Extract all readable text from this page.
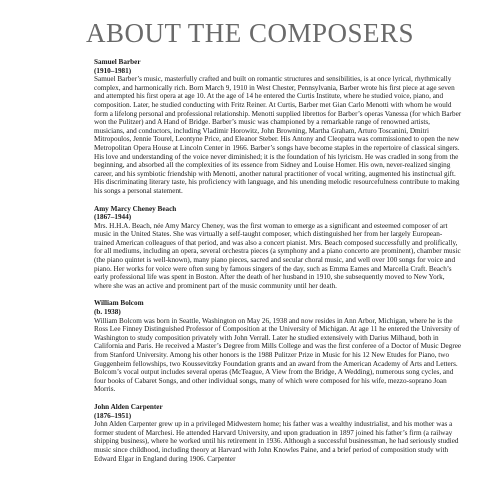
ABOUT THE COMPOSERS

Samuel Barber

(1910–1981)

Samuel Barber’s music, masterfully crafted and built on romantic structures and sensibilities, is at once lyrical, rhythmically complex, and harmonically rich. Born March 9, 1910 in West Chester, Pennsylvania, Barber wrote his first piece at age seven and attempted his first opera at age 10. At the age of 14 he entered the Curtis Institute, where he studied voice, piano, and composition. Later, he studied conducting with Fritz Reiner. At Curtis, Barber met Gian Carlo Menotti with whom he would form a lifelong personal and professional relationship. Menotti supplied librettos for Barber’s operas Vanessa (for which Barber won the Pulitzer) and A Hand of Bridge. Barber’s music was championed by a remarkable range of renowned artists, musicians, and conductors, including Vladimir Horowitz, John Browning, Martha Graham, Arturo Toscanini, Dmitri Mitropoulos, Jennie Tourel, Leontyne Price, and Eleanor Steber. His Antony and Cleopatra was commissioned to open the new Metropolitan Opera House at Lincoln Center in 1966. Barber’s songs have become staples in the repertoire of classical singers. His love and understanding of the voice never diminished; it is the foundation of his lyricism. He was cradled in song from the beginning, and absorbed all the complexities of its essence from Sidney and Louise Homer. His own, never-realized singing career, and his symbiotic friendship with Menotti, another natural practitioner of vocal writing, augmented his instinctual gift. His discriminating literary taste, his proficiency with language, and his unending melodic resourcefulness contribute to making his songs a personal statement.

Amy Marcy Cheney Beach

(1867–1944)

Mrs. H.H.A. Beach, née Amy Marcy Cheney, was the first woman to emerge as a significant and esteemed composer of art music in the United States. She was virtually a self-taught composer, which distinguished her from her largely European-trained American colleagues of that period, and was also a concert pianist. Mrs. Beach composed successfully and prolifically, for all mediums, including an opera, several orchestra pieces (a symphony and a piano concerto are prominent), chamber music (the piano quintet is well-known), many piano pieces, sacred and secular choral music, and well over 100 songs for voice and piano. Her works for voice were often sung by famous singers of the day, such as Emma Eames and Marcella Craft. Beach’s early professional life was spent in Boston. After the death of her husband in 1910, she subsequently moved to New York, where she was an active and prominent part of the music community until her death.

William Bolcom

(b. 1938)

William Bolcom was born in Seattle, Washington on May 26, 1938 and now resides in Ann Arbor, Michigan, where he is the Ross Lee Finney Distinguished Professor of Composition at the University of Michigan. At age 11 he entered the University of Washington to study composition privately with John Verrall. Later he studied extensively with Darius Milhaud, both in California and Paris. He received a Master’s Degree from Mills College and was the first conferee of a Doctor of Music Degree from Stanford University. Among his other honors is the 1988 Pulitzer Prize in Music for his 12 New Etudes for Piano, two Guggenheim fellowships, two Koussevitzky Foundation grants and an award from the American Academy of Arts and Letters. Bolcom’s vocal output includes several operas (McTeague, A View from the Bridge, A Wedding), numerous song cycles, and four books of Cabaret Songs, and other individual songs, many of which were composed for his wife, mezzo-soprano Joan Morris.

John Alden Carpenter

(1876–1951)

John Alden Carpenter grew up in a privileged Midwestern home; his father was a wealthy industrialist, and his mother was a former student of Marchesi. He attended Harvard University, and upon graduation in 1897 joined his father’s firm (a railway shipping business), where he worked until his retirement in 1936. Although a successful businessman, he had seriously studied music since childhood, including theory at Harvard with John Knowles Paine, and a brief period of composition study with Edward Elgar in England during 1906. Carpenter
